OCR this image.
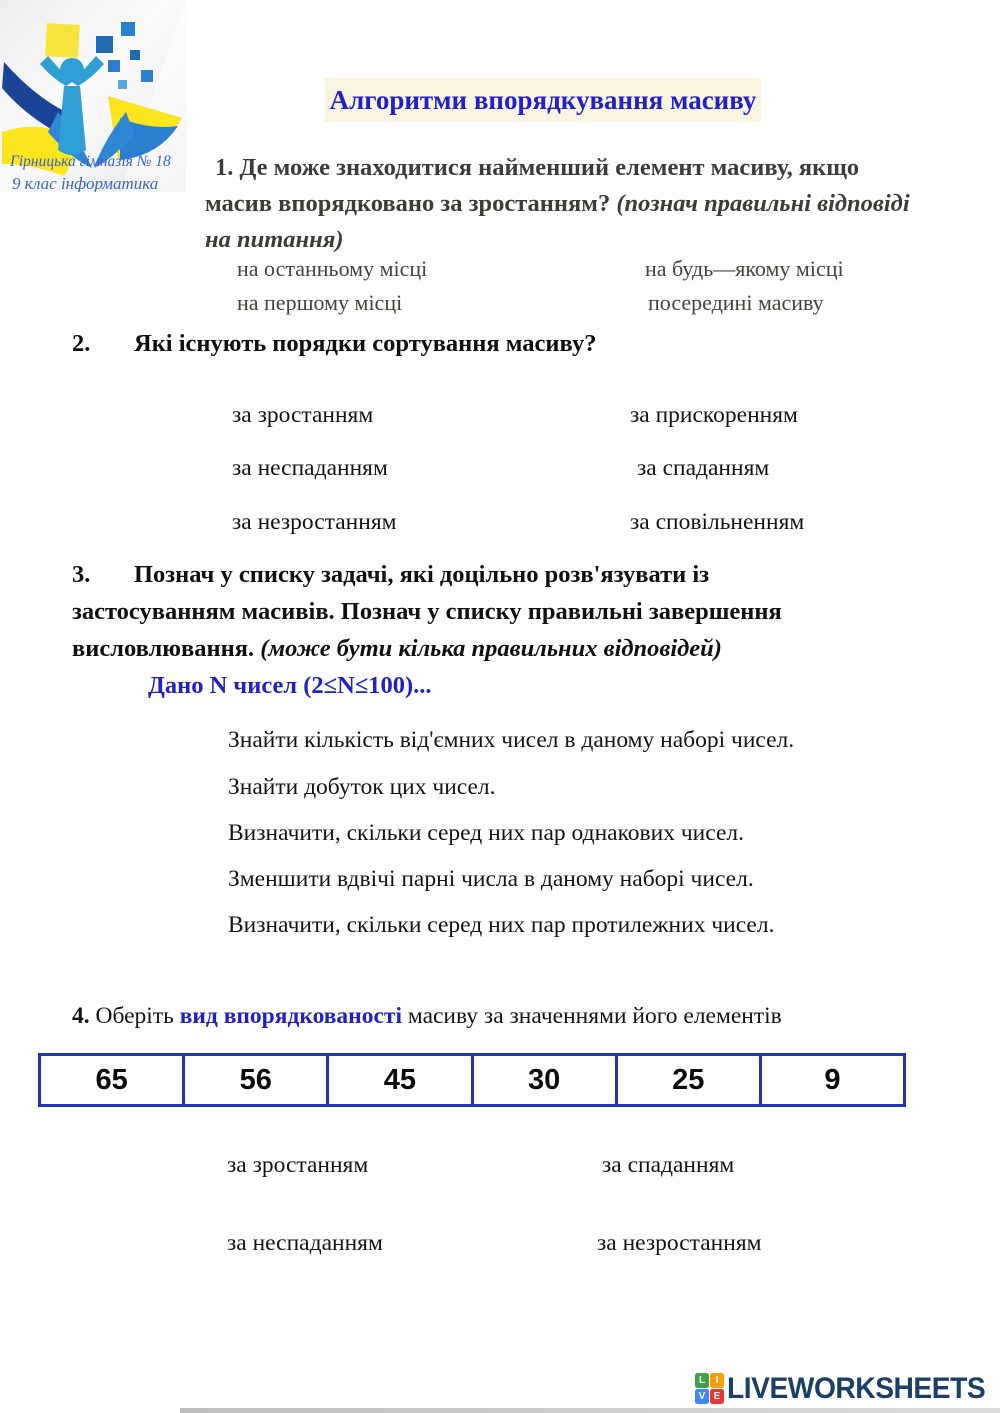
Гірницька гімназія № 18
9 клас інформатика
Алгоритми впорядкування масиву
1. Де може знаходитися найменший елемент масиву, якщо масив впорядковано за зростанням? (познач правильні відповіді на питання)
на останньому місці	на будь—якому місці
на першому місці	посередині масиву
2. Які існують порядки сортування масиву?
за зростанням	за прискоренням
за неспаданням	за спаданням
за незростанням	за сповільненням
3. Познач у списку задачі, які доцільно розв'язувати із застосуванням масивів. Познач у списку правильні завершення висловлювання. (може бути кілька правильних відповідей)
Дано N чисел (2≤N≤100)...
Знайти кількість від'ємних чисел в даному наборі чисел.
Знайти добуток цих чисел.
Визначити, скільки серед них пар однакових чисел.
Зменшити вдвічі парні числа в даному наборі чисел.
Визначити, скільки серед них пар протилежних чисел.
4. Оберіть вид впорядкованості масиву за значеннями його елементів
65	56	45	30	25	9
за зростанням	за спаданням
за неспаданням	за незростанням
L	I
V E LIVEWORKSHEETS
